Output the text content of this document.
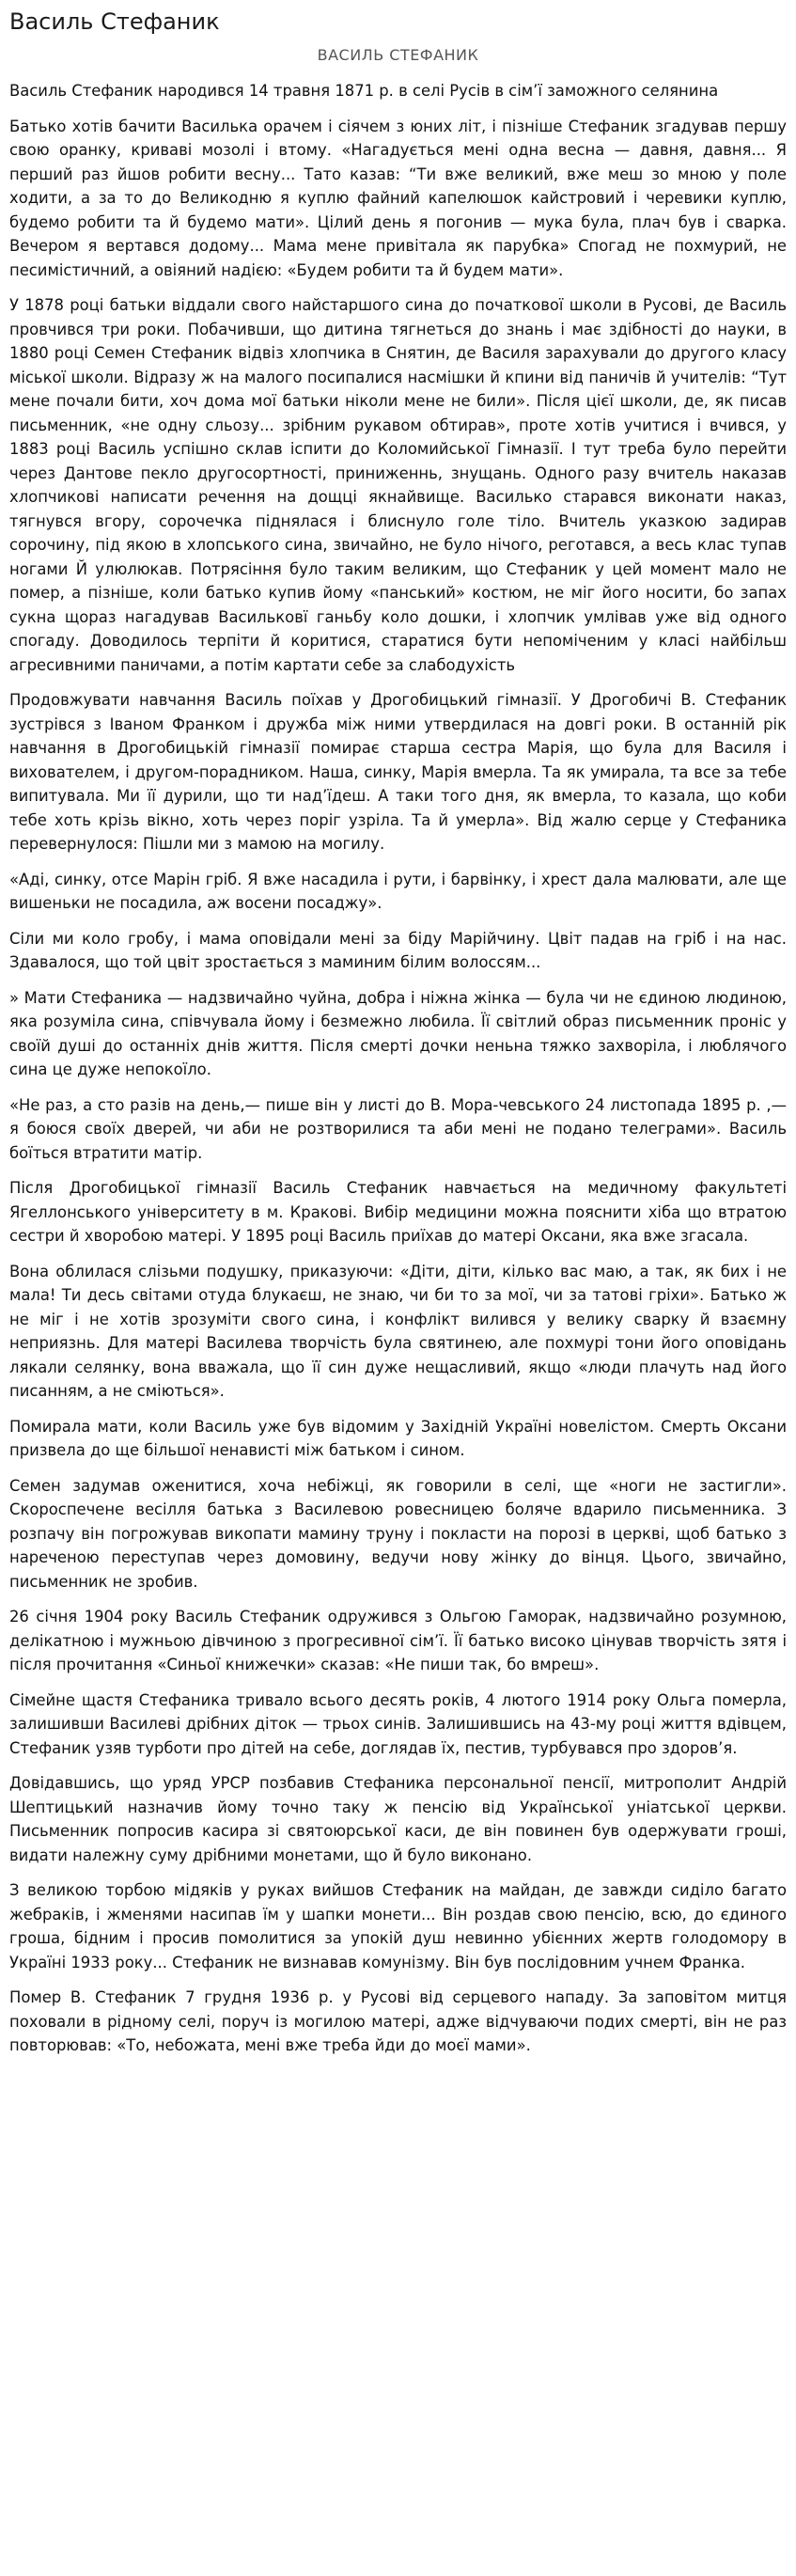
Василь Стефаник
ВАСИЛЬ СТЕФАНИК

Василь Стефаник народився 14 травня 1871 р. в селі Русів в сім’ї заможного селянина

Батько хотів бачити Василька орачем і сіячем з юних літ, і пізніше Стефаник згадував першу свою оранку, криваві мозолі і втому. «Нагадується мені одна весна — давня, давня... Я перший раз йшов робити весну... Тато казав: “Ти вже великий, вже меш зо мною у поле ходити, а за то до Великодню я куплю файний капелюшок кайстровий і черевики куплю, будемо робити та й будемо мати». Цілий день я погонив — мука була, плач був і сварка. Вечером я вертався додому... Мама мене привітала як парубка» Спогад не похмурий, не песимістичний, а овіяний надією: «Будем робити та й будем мати».

У 1878 році батьки віддали свого найстаршого сина до початкової школи в Русові, де Василь провчився три роки. Побачивши, що дитина тягнеться до знань і має здібності до науки, в 1880 році Семен Стефаник відвіз хлопчика в Снятин, де Василя зарахували до другого класу міської школи. Відразу ж на малого посипалися насмішки й кпини від паничів й учителів: “Тут мене почали бити, хоч дома мої батьки ніколи мене не били». Після цієї школи, де, як писав письменник, «не одну сльозу... зрібним рукавом обтирав», проте хотів учитися і вчився, у 1883 році Василь успішно склав іспити до Коломийської Гімназії. І тут треба було перейти через Дантове пекло другосортності, приниженнь, знущань. Одного разу вчитель наказав хлопчикові написати речення на дощці якнайвище. Василько старався виконати наказ, тягнувся вгору, сорочечка піднялася і блиснуло голе тіло. Вчитель указкою задирав сорочину, під якою в хлопського сина, звичайно, не було нічого, реготався, а весь клас тупав ногами Й улюлюкав. Потрясіння було таким великим, що Стефаник у цей момент мало не помер, а пізніше, коли батько купив йому «панський» костюм, не міг його носити, бо запах сукна щораз нагадував Васильковї ганьбу коло дошки, і хлопчик умлівав уже від одного спогаду. Доводилось терпіти й коритися, старатися бути непоміченим у класі найбільш агресивними паничами, а потім картати себе за слабодухість

Продовжувати навчання Василь поїхав у Дрогобицький гімназії. У Дрогобичі В. Стефаник зустрівся з Іваном Франком і дружба між ними утвердилася на довгі роки. В останній рік навчання в Дрогобицькій гімназії помирає старша сестра Марія, що була для Василя і вихователем, і другом-порадником. Наша, синку, Марія вмерла. Та як умирала, та все за тебе випитувала. Ми її дурили, що ти над’їдеш. А таки того дня, як вмерла, то казала, що коби тебе хоть крізь вікно, хоть через поріг узріла. Та й умерла». Від жалю серце у Стефаника перевернулося: Пішли ми з мамою на могилу.

«Аді, синку, отсе Марін гріб. Я вже насадила і рути, і барвінку, і хрест дала малювати, але ще вишеньки не посадила, аж восени посаджу».

Сіли ми коло гробу, і мама оповідали мені за біду Марійчину. Цвіт падав на гріб і на нас. Здавалося, що той цвіт зростається з маминим білим волоссям...

» Мати Стефаника — надзвичайно чуйна, добра і ніжна жінка — була чи не єдиною людиною, яка розуміла сина, співчувала йому і безмежно любила. Її світлий образ письменник проніс у своїй душі до останніх днів життя. Після смерті дочки неньна тяжко захворіла, і люблячого сина це дуже непокоїло.

«Не раз, а сто разів на день,— пише він у листі до В. Мора-чевського 24 листопада 1895 р. ,— я боюся своїх дверей, чи аби не розтворилися та аби мені не подано телеграми». Василь боїться втратити матір.

Після Дрогобицької гімназії Василь Стефаник навчається на медичному факультеті Ягеллонського університету в м. Кракові. Вибір медицини можна пояснити хіба що втратою сестри й хворобою матері. У 1895 році Василь приїхав до матері Оксани, яка вже згасала.

Вона облилася слізьми подушку, приказуючи: «Діти, діти, кілько вас маю, а так, як бих і не мала! Ти десь світами отуда блукаєш, не знаю, чи би то за мої, чи за татові гріхи». Батько ж не міг і не хотів зрозуміти свого сина, і конфлікт вилився у велику сварку й взаємну неприязнь. Для матері Василева творчість була святинею, але похмурі тони його оповідань лякали селянку, вона вважала, що її син дуже нещасливий, якщо «люди плачуть над його писанням, а не сміються».

Помирала мати, коли Василь уже був відомим у Західній Україні новелістом. Смерть Оксани призвела до ще більшої ненависті між батьком і сином.

Семен задумав оженитися, хоча небіжці, як говорили в селі, ще «ноги не застигли». Скороспечене весілля батька з Василевою ровесницею боляче вдарило письменника. З розпачу він погрожував викопати мамину труну і покласти на порозі в церкві, щоб батько з нареченою переступав через домовину, ведучи нову жінку до вінця. Цього, звичайно, письменник не зробив.

26 січня 1904 року Василь Стефаник одружився з Ольгою Гаморак, надзвичайно розумною, делікатною і мужньою дівчиною з прогресивної сім’ї. Її батько високо цінував творчість зятя і після прочитання «Синьої книжечки» сказав: «Не пиши так, бо вмреш».

Сімейне щастя Стефаника тривало всього десять років, 4 лютого 1914 року Ольга померла, залишивши Василеві дрібних діток — трьох синів. Залишившись на 43-му році життя вдівцем, Стефаник узяв турботи про дітей на себе, доглядав їх, пестив, турбувався про здоров’я.

Довідавшись, що уряд УРСР позбавив Стефаника персональної пенсії, митрополит Андрій Шептицький назначив йому точно таку ж пенсію від Української уніатської церкви. Письменник попросив касира зі святоюрської каси, де він повинен був одержувати гроші, видати належну суму дрібними монетами, що й було виконано.

З великою торбою мідяків у руках вийшов Стефаник на майдан, де завжди сиділо багато жебраків, і жменями насипав їм у шапки монети... Він роздав свою пенсію, всю, до єдиного гроша, бідним і просив помолитися за упокій душ невинно убієнних жертв голодомору в Україні 1933 року... Стефаник не визнавав комунізму. Він був послідовним учнем Франка.

Помер В. Стефаник 7 грудня 1936 р. у Русові від серцевого нападу. За заповітом митця поховали в рідному селі, поруч із могилою матері, адже відчуваючи подих смерті, він не раз повторював: «То, небожата, мені вже треба йди до моєї мами».
